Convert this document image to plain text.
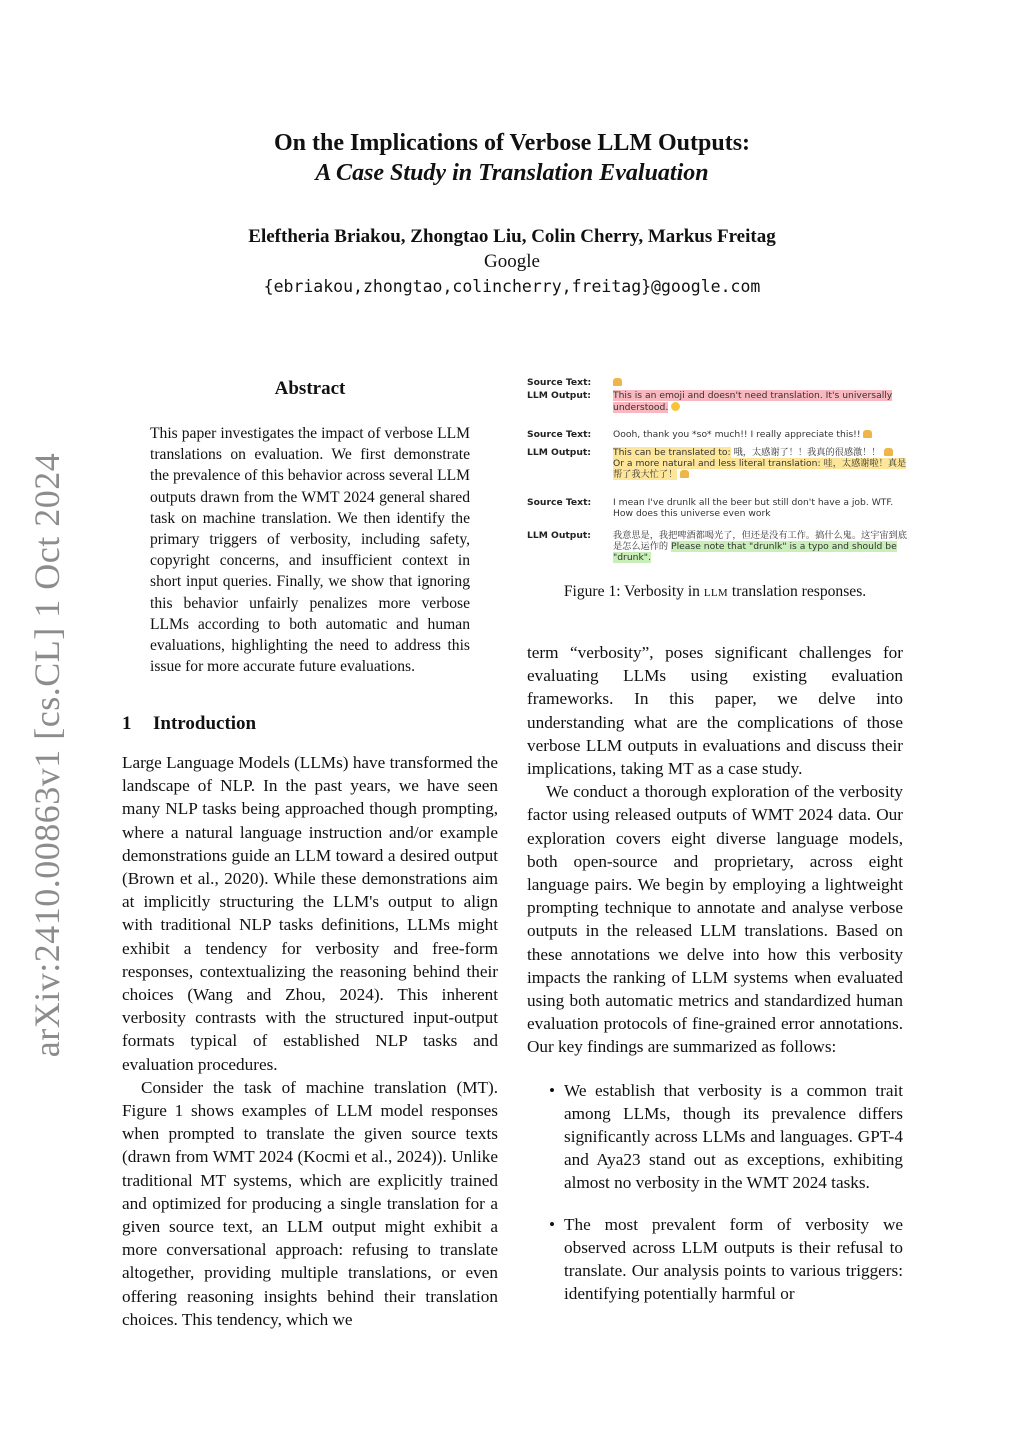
arXiv:2410.00863v1 [cs.CL] 1 Oct 2024
On the Implications of Verbose LLM Outputs:
A Case Study in Translation Evaluation
Eleftheria Briakou, Zhongtao Liu, Colin Cherry, Markus Freitag
Google
{ebriakou,zhongtao,colincherry,freitag}@google.com
Abstract
This paper investigates the impact of verbose LLM translations on evaluation. We first demonstrate the prevalence of this behavior across several LLM outputs drawn from the WMT 2024 general shared task on machine translation. We then identify the primary triggers of verbosity, including safety, copyright concerns, and insufficient context in short input queries. Finally, we show that ignoring this behavior unfairly penalizes more verbose LLMs according to both automatic and human evaluations, highlighting the need to address this issue for more accurate future evaluations.
Source Text:
LLM Output:	This is an emoji and doesn't need translation. It's universally understood.
Source Text:	Oooh, thank you *so* much!! I really appreciate this!!
LLM Output:	This can be translated to: 哦，太感谢了！！我真的很感激！！
Or a more natural and less literal translation: 哇，太感谢啦！真是帮了我大忙了！
Source Text:	I mean I've drunlk all the beer but still don't have a job. WTF. How does this universe even work
LLM Output:	我意思是，我把啤酒都喝光了，但还是没有工作。搞什么鬼。这宇宙到底是怎么运作的 Please note that "drunlk" is a typo and should be "drunk".
Figure 1: Verbosity in llm translation responses.
1 Introduction

Large Language Models (LLMs) have transformed the landscape of NLP. In the past years, we have seen many NLP tasks being approached though prompting, where a natural language instruction and/or example demonstrations guide an LLM toward a desired output (Brown et al., 2020). While these demonstrations aim at implicitly structuring the LLM's output to align with traditional NLP tasks definitions, LLMs might exhibit a tendency for verbosity and free-form responses, contextualizing the reasoning behind their choices (Wang and Zhou, 2024). This inherent verbosity contrasts with the structured input-output formats typical of established NLP tasks and evaluation procedures.

Consider the task of machine translation (MT). Figure 1 shows examples of LLM model responses when prompted to translate the given source texts (drawn from WMT 2024 (Kocmi et al., 2024)). Unlike traditional MT systems, which are explicitly trained and optimized for producing a single translation for a given source text, an LLM output might exhibit a more conversational approach: refusing to translate altogether, providing multiple translations, or even offering reasoning insights behind their translation choices. This tendency, which we

term “verbosity”, poses significant challenges for evaluating LLMs using existing evaluation frameworks. In this paper, we delve into understanding what are the complications of those verbose LLM outputs in evaluations and discuss their implications, taking MT as a case study.

We conduct a thorough exploration of the verbosity factor using released outputs of WMT 2024 data. Our exploration covers eight diverse language models, both open-source and proprietary, across eight language pairs. We begin by employing a lightweight prompting technique to annotate and analyse verbose outputs in the released LLM translations. Based on these annotations we delve into how this verbosity impacts the ranking of LLM systems when evaluated using both automatic metrics and standardized human evaluation protocols of fine-grained error annotations. Our key findings are summarized as follows:

• We establish that verbosity is a common trait among LLMs, though its prevalence differs significantly across LLMs and languages. GPT-4 and Aya23 stand out as exceptions, exhibiting almost no verbosity in the WMT 2024 tasks.
• The most prevalent form of verbosity we observed across LLM outputs is their refusal to translate. Our analysis points to various triggers: identifying potentially harmful or
